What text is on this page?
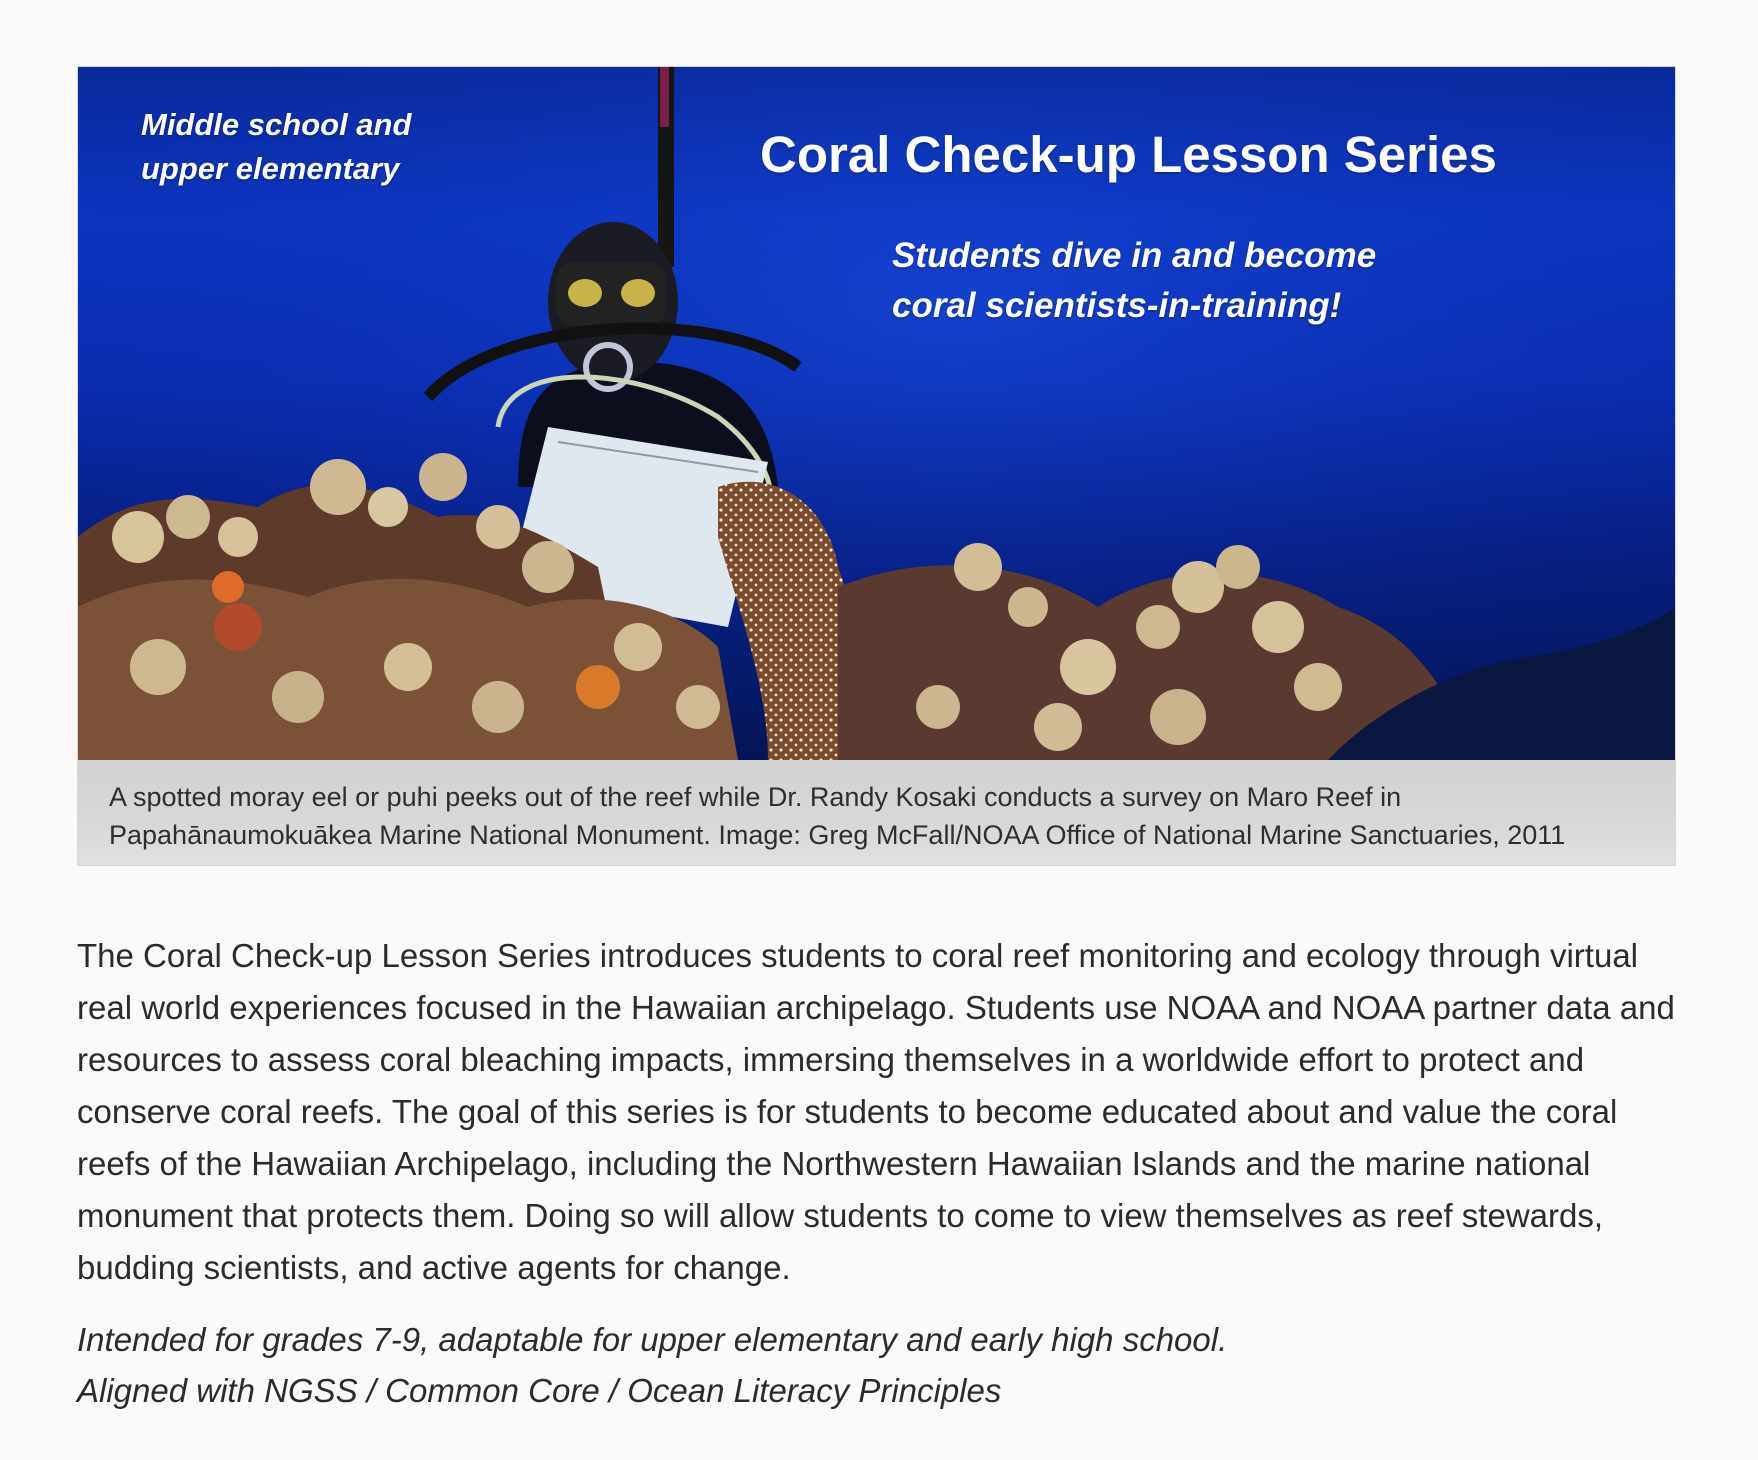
Middle school and
upper elementary	Coral Check-up Lesson Series

Students dive in and become
coral scientists-in-training!

A spotted moray eel or puhi peeks out of the reef while Dr. Randy Kosaki conducts a survey on Maro Reef in Papahānaumokuākea Marine National Monument. Image: Greg McFall/NOAA Office of National Marine Sanctuaries, 2011

The Coral Check-up Lesson Series introduces students to coral reef monitoring and ecology through virtual real world experiences focused in the Hawaiian archipelago. Students use NOAA and NOAA partner data and resources to assess coral bleaching impacts, immersing themselves in a worldwide effort to protect and conserve coral reefs. The goal of this series is for students to become educated about and value the coral reefs of the Hawaiian Archipelago, including the Northwestern Hawaiian Islands and the marine national monument that protects them. Doing so will allow students to come to view themselves as reef stewards, budding scientists, and active agents for change.

Intended for grades 7-9, adaptable for upper elementary and early high school.
Aligned with NGSS / Common Core / Ocean Literacy Principles
